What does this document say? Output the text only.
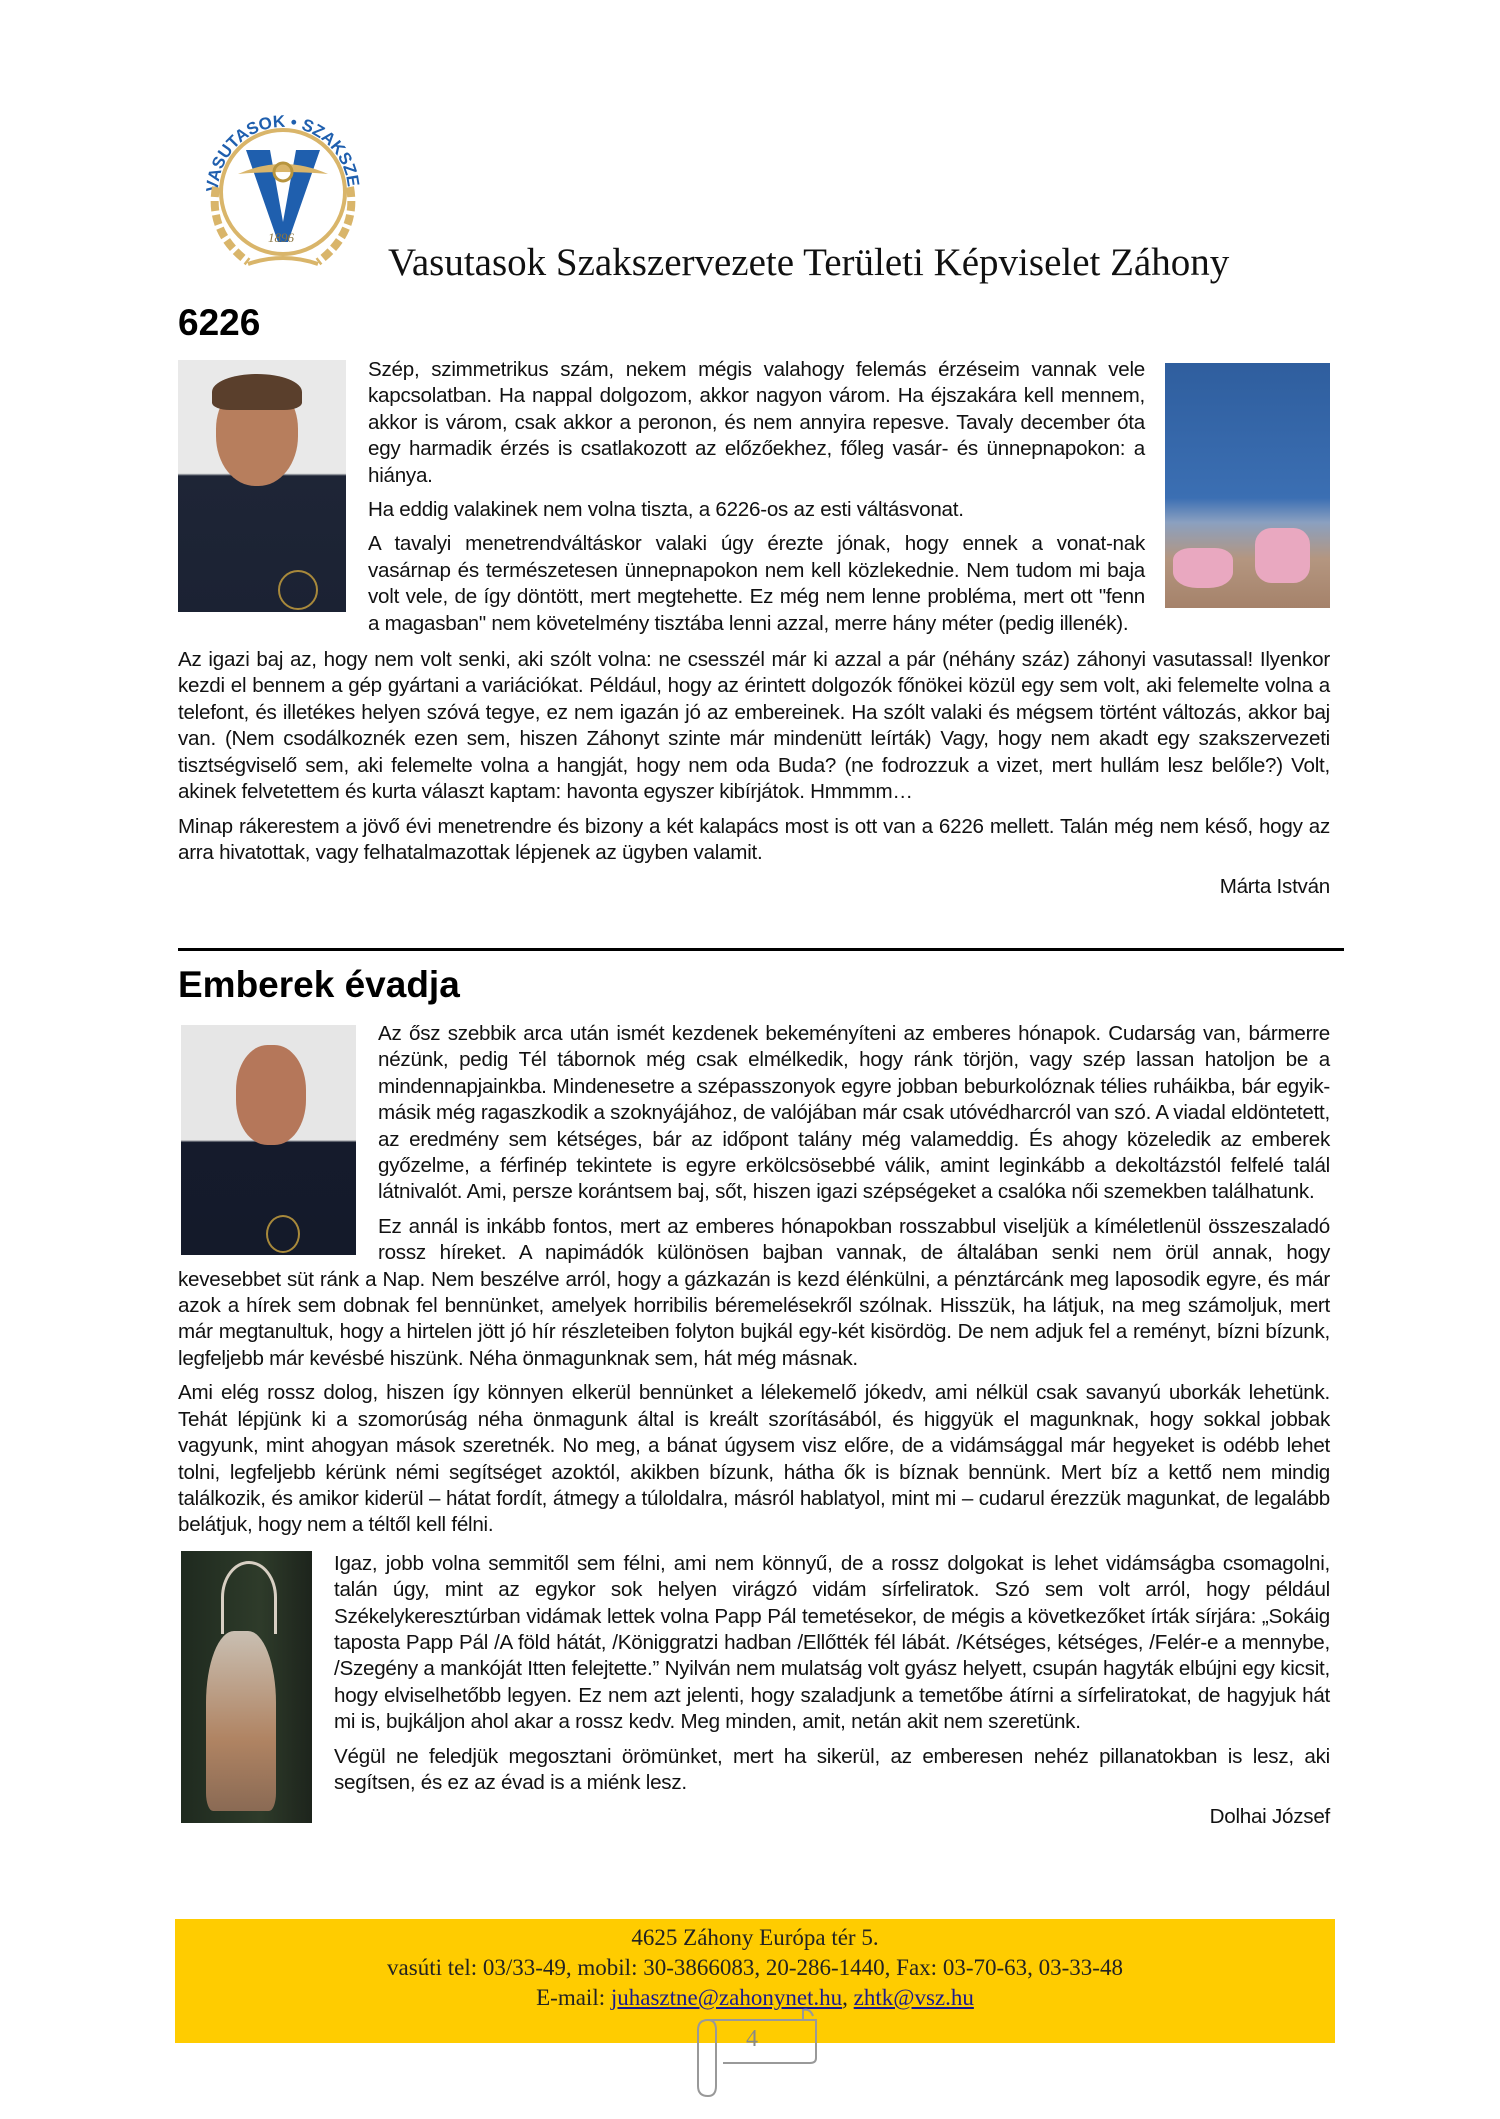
VASUTASOK • SZAKSZE
1896
Vasutasok Szakszervezete Területi Képviselet Záhony
6226

Szép, szimmetrikus szám, nekem mégis valahogy felemás érzéseim vannak vele kapcsolatban. Ha nappal dolgozom, akkor nagyon várom. Ha éjszakára kell mennem, akkor is várom, csak akkor a peronon, és nem annyira repesve. Tavaly december óta egy harmadik érzés is csatlakozott az előzőekhez, főleg vasár- és ünnepnapokon: a hiánya.

Ha eddig valakinek nem volna tiszta, a 6226-os az esti váltásvonat.

A tavalyi menetrendváltáskor valaki úgy érezte jónak, hogy ennek a vonat-nak vasárnap és természetesen ünnepnapokon nem kell közlekednie. Nem tudom mi baja volt vele, de így döntött, mert megtehette. Ez még nem lenne probléma, mert ott "fenn a magasban" nem követelmény tisztába lenni azzal, merre hány méter (pedig illenék).

Az igazi baj az, hogy nem volt senki, aki szólt volna: ne csesszél már ki azzal a pár (néhány száz) záhonyi vasutassal! Ilyenkor kezdi el bennem a gép gyártani a variációkat. Például, hogy az érintett dolgozók főnökei közül egy sem volt, aki felemelte volna a telefont, és illetékes helyen szóvá tegye, ez nem igazán jó az embereinek. Ha szólt valaki és mégsem történt változás, akkor baj van. (Nem csodálkoznék ezen sem, hiszen Záhonyt szinte már mindenütt leírták) Vagy, hogy nem akadt egy szakszervezeti tisztségviselő sem, aki felemelte volna a hangját, hogy nem oda Buda? (ne fodrozzuk a vizet, mert hullám lesz belőle?) Volt, akinek felvetettem és kurta választ kaptam: havonta egyszer kibírjátok. Hmmmm…

Minap rákerestem a jövő évi menetrendre és bizony a két kalapács most is ott van a 6226 mellett. Talán még nem késő, hogy az arra hivatottak, vagy felhatalmazottak lépjenek az ügyben valamit.

Márta István
Emberek évadja

Az ősz szebbik arca után ismét kezdenek bekeményíteni az emberes hónapok. Cudarság van, bármerre nézünk, pedig Tél tábornok még csak elmélkedik, hogy ránk törjön, vagy szép lassan hatoljon be a mindennapjainkba. Mindenesetre a szépasszonyok egyre jobban beburkolóznak télies ruháikba, bár egyik-másik még ragaszkodik a szoknyájához, de valójában már csak utóvédharcról van szó. A viadal eldöntetett, az eredmény sem kétséges, bár az időpont talány még valameddig. És ahogy közeledik az emberek győzelme, a férfinép tekintete is egyre erkölcsösebbé válik, amint leginkább a dekoltázstól felfelé talál látnivalót. Ami, persze korántsem baj, sőt, hiszen igazi szépségeket a csalóka női szemekben találhatunk.

Ez annál is inkább fontos, mert az emberes hónapokban rosszabbul viseljük a kíméletlenül összeszaladó rossz híreket. A napimádók különösen bajban vannak, de általában senki nem örül annak, hogy kevesebbet süt ránk a Nap. Nem beszélve arról, hogy a gázkazán is kezd élénkülni, a pénztárcánk meg laposodik egyre, és már azok a hírek sem dobnak fel bennünket, amelyek horribilis béremelésekről szólnak. Hisszük, ha látjuk, na meg számoljuk, mert már megtanultuk, hogy a hirtelen jött jó hír részleteiben folyton bujkál egy-két kisördög. De nem adjuk fel a reményt, bízni bízunk, legfeljebb már kevésbé hiszünk. Néha önmagunknak sem, hát még másnak.

Ami elég rossz dolog, hiszen így könnyen elkerül bennünket a lélekemelő jókedv, ami nélkül csak savanyú uborkák lehetünk. Tehát lépjünk ki a szomorúság néha önmagunk által is kreált szorításából, és higgyük el magunknak, hogy sokkal jobbak vagyunk, mint ahogyan mások szeretnék. No meg, a bánat úgysem visz előre, de a vidámsággal már hegyeket is odébb lehet tolni, legfeljebb kérünk némi segítséget azoktól, akikben bízunk, hátha ők is bíznak bennünk. Mert bíz a kettő nem mindig találkozik, és amikor kiderül – hátat fordít, átmegy a túloldalra, másról hablatyol, mint mi – cudarul érezzük magunkat, de legalább belátjuk, hogy nem a téltől kell félni.

Igaz, jobb volna semmitől sem félni, ami nem könnyű, de a rossz dolgokat is lehet vidámságba csomagolni, talán úgy, mint az egykor sok helyen virágzó vidám sírfeliratok. Szó sem volt arról, hogy például Székelykeresztúrban vidámak lettek volna Papp Pál temetésekor, de mégis a következőket írták sírjára: „Sokáig taposta Papp Pál /A föld hátát, /Königgratzi hadban /Ellőtték fél lábát. /Kétséges, kétséges, /Felér-e a mennybe, /Szegény a mankóját Itten felejtette.” Nyilván nem mulatság volt gyász helyett, csupán hagyták elbújni egy kicsit, hogy elviselhetőbb legyen. Ez nem azt jelenti, hogy szaladjunk a temetőbe átírni a sírfeliratokat, de hagyjuk hát mi is, bujkáljon ahol akar a rossz kedv. Meg minden, amit, netán akit nem szeretünk.

Végül ne feledjük megosztani örömünket, mert ha sikerül, az emberesen nehéz pillanatokban is lesz, aki segítsen, és ez az évad is a miénk lesz.

Dolhai József
4625 Záhony Európa tér 5.
vasúti tel: 03/33-49, mobil: 30-3866083, 20-286-1440, Fax: 03-70-63, 03-33-48
E-mail: juhasztne@zahonynet.hu, zhtk@vsz.hu
4
